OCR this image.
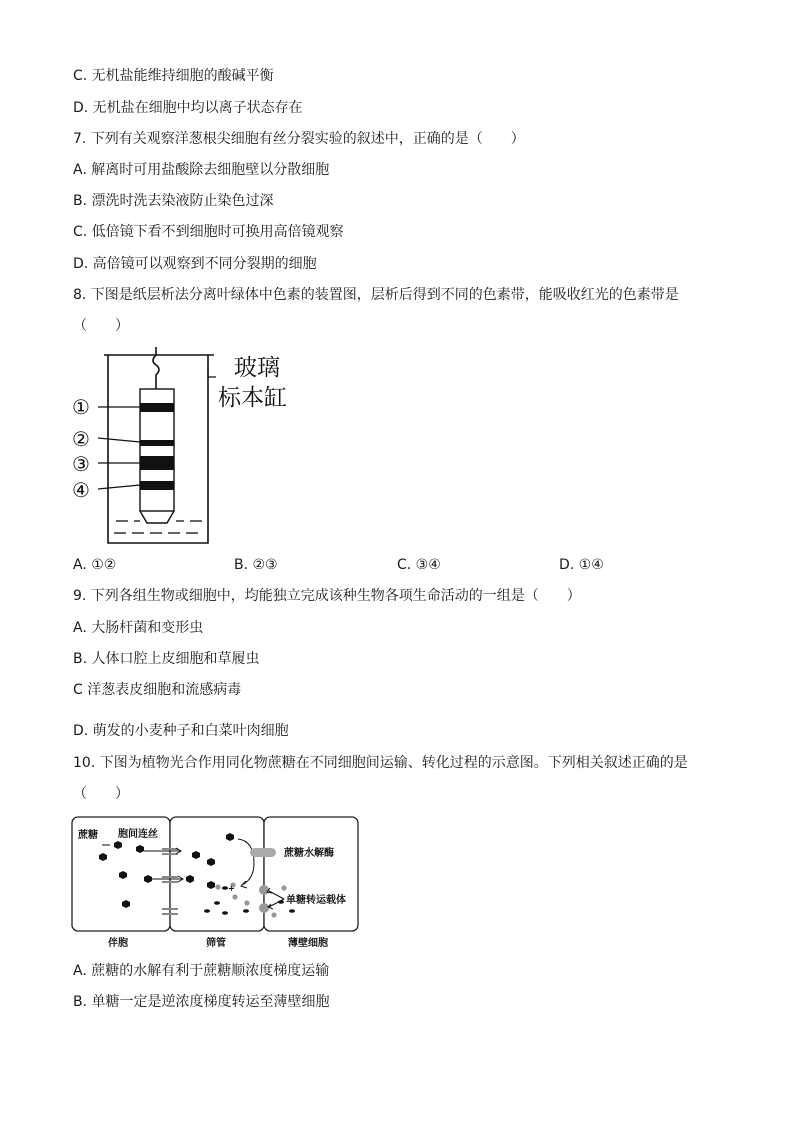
C. 无机盐能维持细胞的酸碱平衡
D. 无机盐在细胞中均以离子状态存在
7. 下列有关观察洋葱根尖细胞有丝分裂实验的叙述中，正确的是（　　）
A. 解离时可用盐酸除去细胞壁以分散细胞
B. 漂洗时洗去染液防止染色过深
C. 低倍镜下看不到细胞时可换用高倍镜观察
D. 高倍镜可以观察到不同分裂期的细胞
8. 下图是纸层析法分离叶绿体中色素的装置图，层析后得到不同的色素带，能吸收红光的色素带是
（　　）
①
②
③
④
玻璃
标本缸
A. ①②	B. ②③	C. ③④	D. ①④
9. 下列各组生物或细胞中，均能独立完成该种生物各项生命活动的一组是（　　）
A. 大肠杆菌和变形虫
B. 人体口腔上皮细胞和草履虫
C 洋葱表皮细胞和流感病毒
D. 萌发的小麦种子和白菜叶肉细胞
10. 下图为植物光合作用同化物蔗糖在不同细胞间运输、转化过程的示意图。下列相关叙述正确的是
（　　）
蔗糖 胞间连丝
蔗糖水解酶
单糖转运载体
+
伴胞	筛管	薄壁细胞
A. 蔗糖的水解有利于蔗糖顺浓度梯度运输
B. 单糖一定是逆浓度梯度转运至薄壁细胞
